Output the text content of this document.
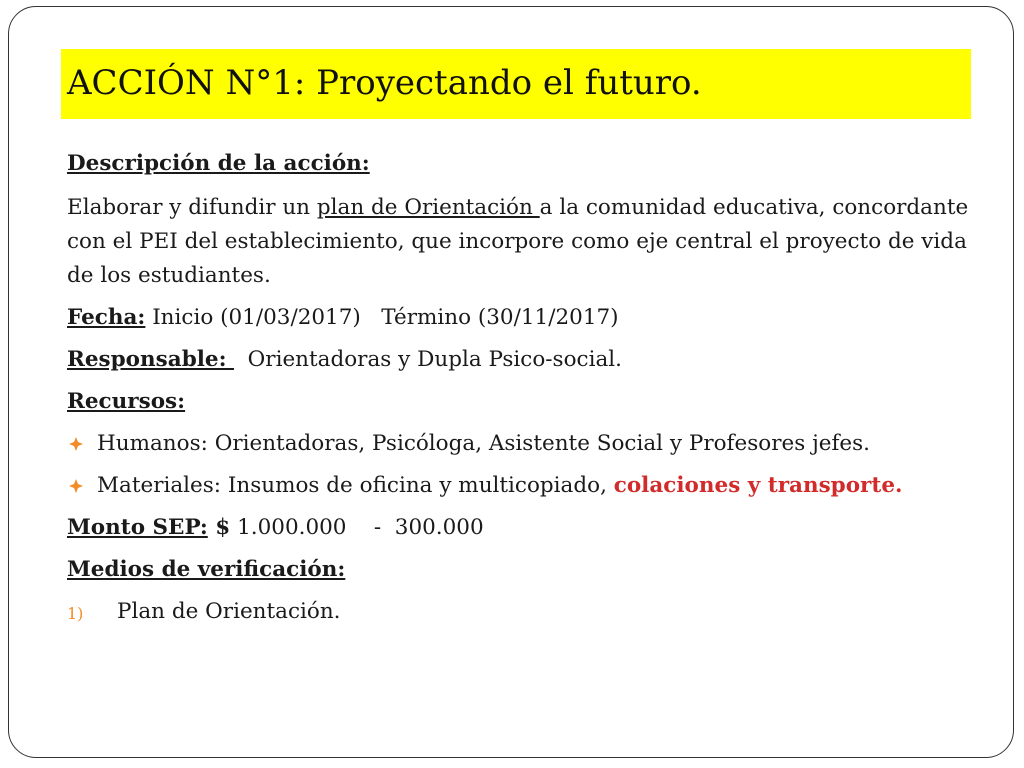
ACCIÓN N°1: Proyectando el futuro.
Descripción de la acción:
Elaborar y difundir un plan de Orientación a la comunidad educativa, concordante con el PEI del establecimiento, que incorpore como eje central el proyecto de vida de los estudiantes.
Fecha: Inicio (01/03/2017)   Término (30/11/2017)
Responsable:   Orientadoras y Dupla Psico-social.
Recursos:
Humanos: Orientadoras, Psicóloga, Asistente Social y Profesores jefes.
Materiales: Insumos de oficina y multicopiado, colaciones y transporte.
Monto SEP: $ 1.000.000    -  300.000
Medios de verificación:
1) Plan de Orientación.
